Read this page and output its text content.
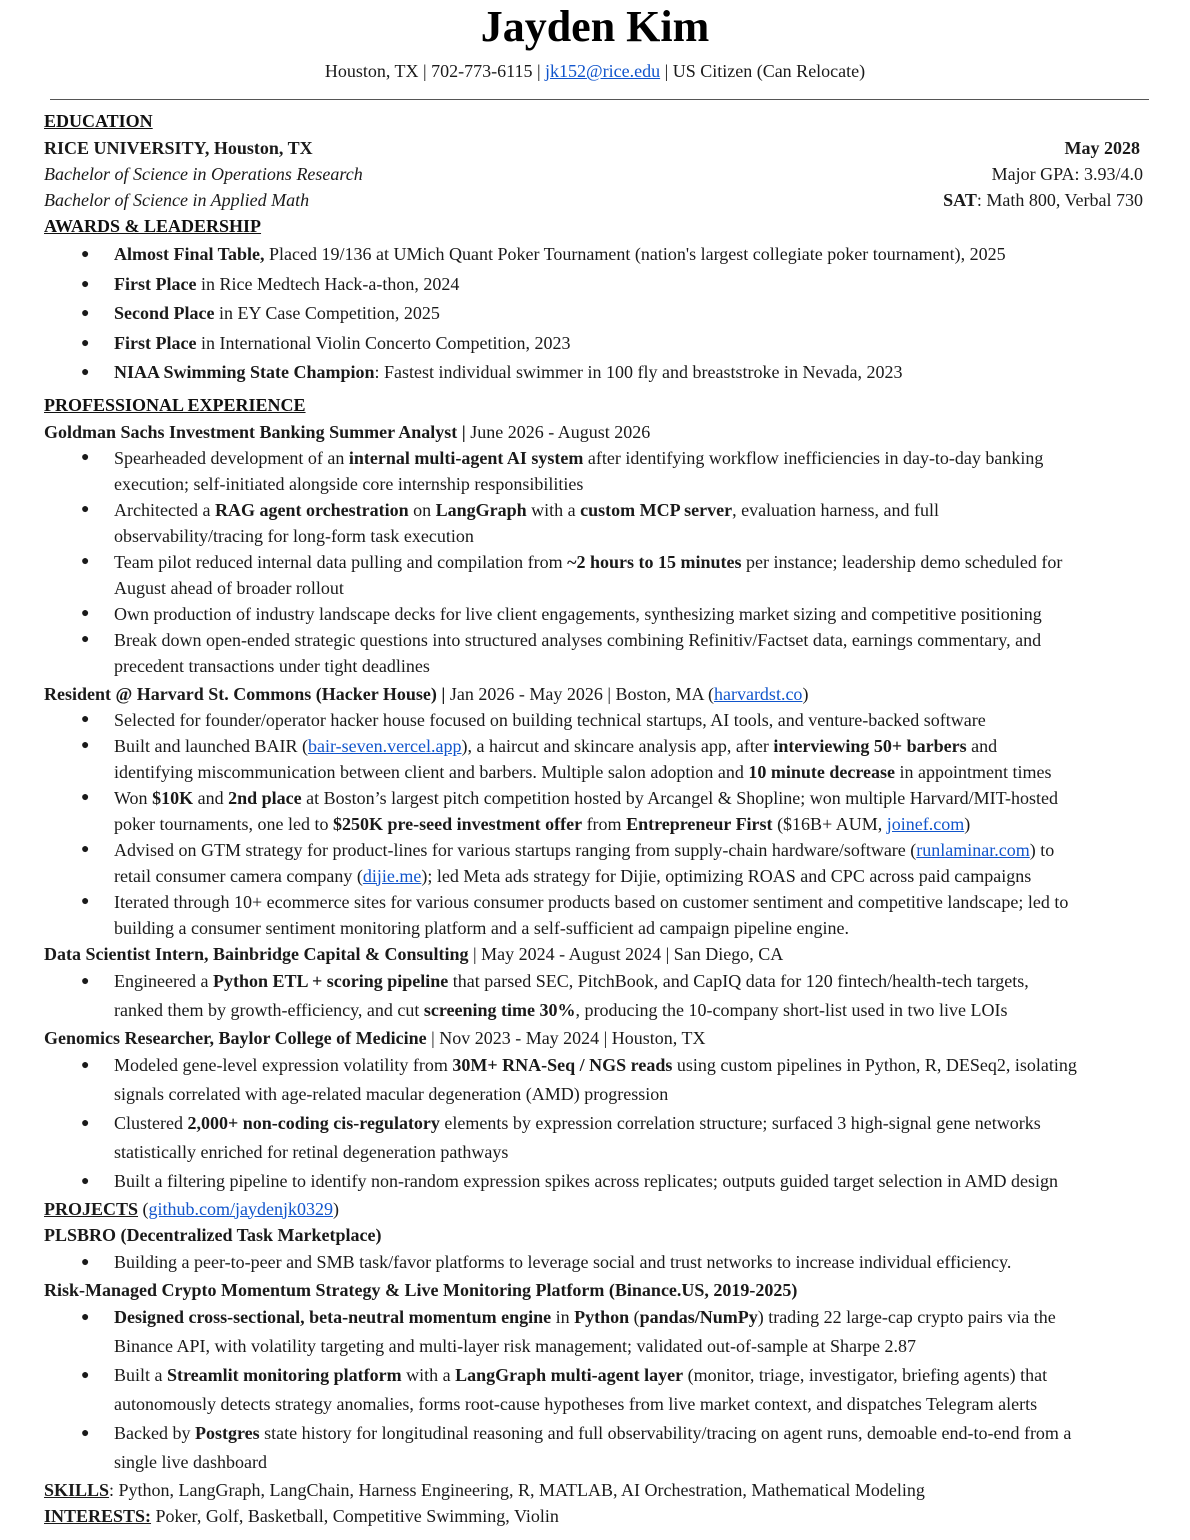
Jayden Kim
Houston, TX | 702-773-6115 | jk152@rice.edu | US Citizen (Can Relocate)
EDUCATION
RICE UNIVERSITY, Houston, TX	May 2028
Bachelor of Science in Operations Research	Major GPA: 3.93/4.0
Bachelor of Science in Applied Math	SAT: Math 800, Verbal 730
AWARDS & LEADERSHIP
● Almost Final Table, Placed 19/136 at UMich Quant Poker Tournament (nation's largest collegiate poker tournament), 2025
● First Place in Rice Medtech Hack-a-thon, 2024
● Second Place in EY Case Competition, 2025
● First Place in International Violin Concerto Competition, 2023
● NIAA Swimming State Champion: Fastest individual swimmer in 100 fly and breaststroke in Nevada, 2023
PROFESSIONAL EXPERIENCE
Goldman Sachs Investment Banking Summer Analyst | June 2026 - August 2026
● Spearheaded development of an internal multi-agent AI system after identifying workflow inefficiencies in day-to-day banking
execution; self-initiated alongside core internship responsibilities
● Architected a RAG agent orchestration on LangGraph with a custom MCP server, evaluation harness, and full
observability/tracing for long-form task execution
● Team pilot reduced internal data pulling and compilation from ~2 hours to 15 minutes per instance; leadership demo scheduled for
August ahead of broader rollout
● Own production of industry landscape decks for live client engagements, synthesizing market sizing and competitive positioning
● Break down open-ended strategic questions into structured analyses combining Refinitiv/Factset data, earnings commentary, and
precedent transactions under tight deadlines
Resident @ Harvard St. Commons (Hacker House) | Jan 2026 - May 2026 | Boston, MA (harvardst.co)
● Selected for founder/operator hacker house focused on building technical startups, AI tools, and venture-backed software
● Built and launched BAIR (bair-seven.vercel.app), a haircut and skincare analysis app, after interviewing 50+ barbers and
identifying miscommunication between client and barbers. Multiple salon adoption and 10 minute decrease in appointment times
● Won $10K and 2nd place at Boston’s largest pitch competition hosted by Arcangel & Shopline; won multiple Harvard/MIT-hosted
poker tournaments, one led to $250K pre-seed investment offer from Entrepreneur First ($16B+ AUM, joinef.com)
● Advised on GTM strategy for product-lines for various startups ranging from supply-chain hardware/software (runlaminar.com) to
retail consumer camera company (dijie.me); led Meta ads strategy for Dijie, optimizing ROAS and CPC across paid campaigns
● Iterated through 10+ ecommerce sites for various consumer products based on customer sentiment and competitive landscape; led to
building a consumer sentiment monitoring platform and a self-sufficient ad campaign pipeline engine.
Data Scientist Intern, Bainbridge Capital & Consulting | May 2024 - August 2024 | San Diego, CA
● Engineered a Python ETL + scoring pipeline that parsed SEC, PitchBook, and CapIQ data for 120 fintech/health-tech targets,
ranked them by growth-efficiency, and cut screening time 30%, producing the 10-company short-list used in two live LOIs
Genomics Researcher, Baylor College of Medicine | Nov 2023 - May 2024 | Houston, TX
● Modeled gene-level expression volatility from 30M+ RNA-Seq / NGS reads using custom pipelines in Python, R, DESeq2, isolating
signals correlated with age-related macular degeneration (AMD) progression
● Clustered 2,000+ non-coding cis-regulatory elements by expression correlation structure; surfaced 3 high-signal gene networks
statistically enriched for retinal degeneration pathways
● Built a filtering pipeline to identify non-random expression spikes across replicates; outputs guided target selection in AMD design
PROJECTS (github.com/jaydenjk0329)
PLSBRO (Decentralized Task Marketplace)
● Building a peer-to-peer and SMB task/favor platforms to leverage social and trust networks to increase individual efficiency.
Risk-Managed Crypto Momentum Strategy & Live Monitoring Platform (Binance.US, 2019-2025)
● Designed cross-sectional, beta-neutral momentum engine in Python (pandas/NumPy) trading 22 large-cap crypto pairs via the
Binance API, with volatility targeting and multi-layer risk management; validated out-of-sample at Sharpe 2.87
● Built a Streamlit monitoring platform with a LangGraph multi-agent layer (monitor, triage, investigator, briefing agents) that
autonomously detects strategy anomalies, forms root-cause hypotheses from live market context, and dispatches Telegram alerts
● Backed by Postgres state history for longitudinal reasoning and full observability/tracing on agent runs, demoable end-to-end from a
single live dashboard
SKILLS: Python, LangGraph, LangChain, Harness Engineering, R, MATLAB, AI Orchestration, Mathematical Modeling
INTERESTS: Poker, Golf, Basketball, Competitive Swimming, Violin
